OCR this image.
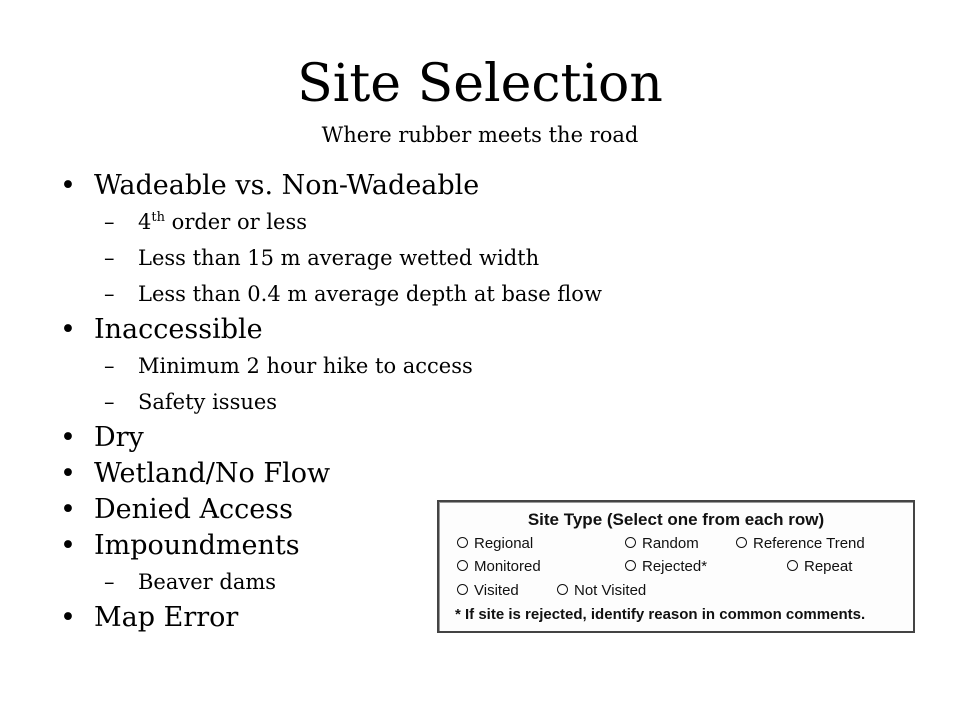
Site Selection
Where rubber meets the road
• Wadeable vs. Non-Wadeable
– 4th order or less
– Less than 15 m average wetted width
– Less than 0.4 m average depth at base flow
• Inaccessible
– Minimum 2 hour hike to access
– Safety issues
• Dry
• Wetland/No Flow
• Denied Access
• Impoundments
– Beaver dams
• Map Error
Site Type (Select one from each row)
Regional	Random	Reference Trend
Monitored	Rejected*	Repeat
Visited	Not Visited
* If site is rejected, identify reason in common comments.
